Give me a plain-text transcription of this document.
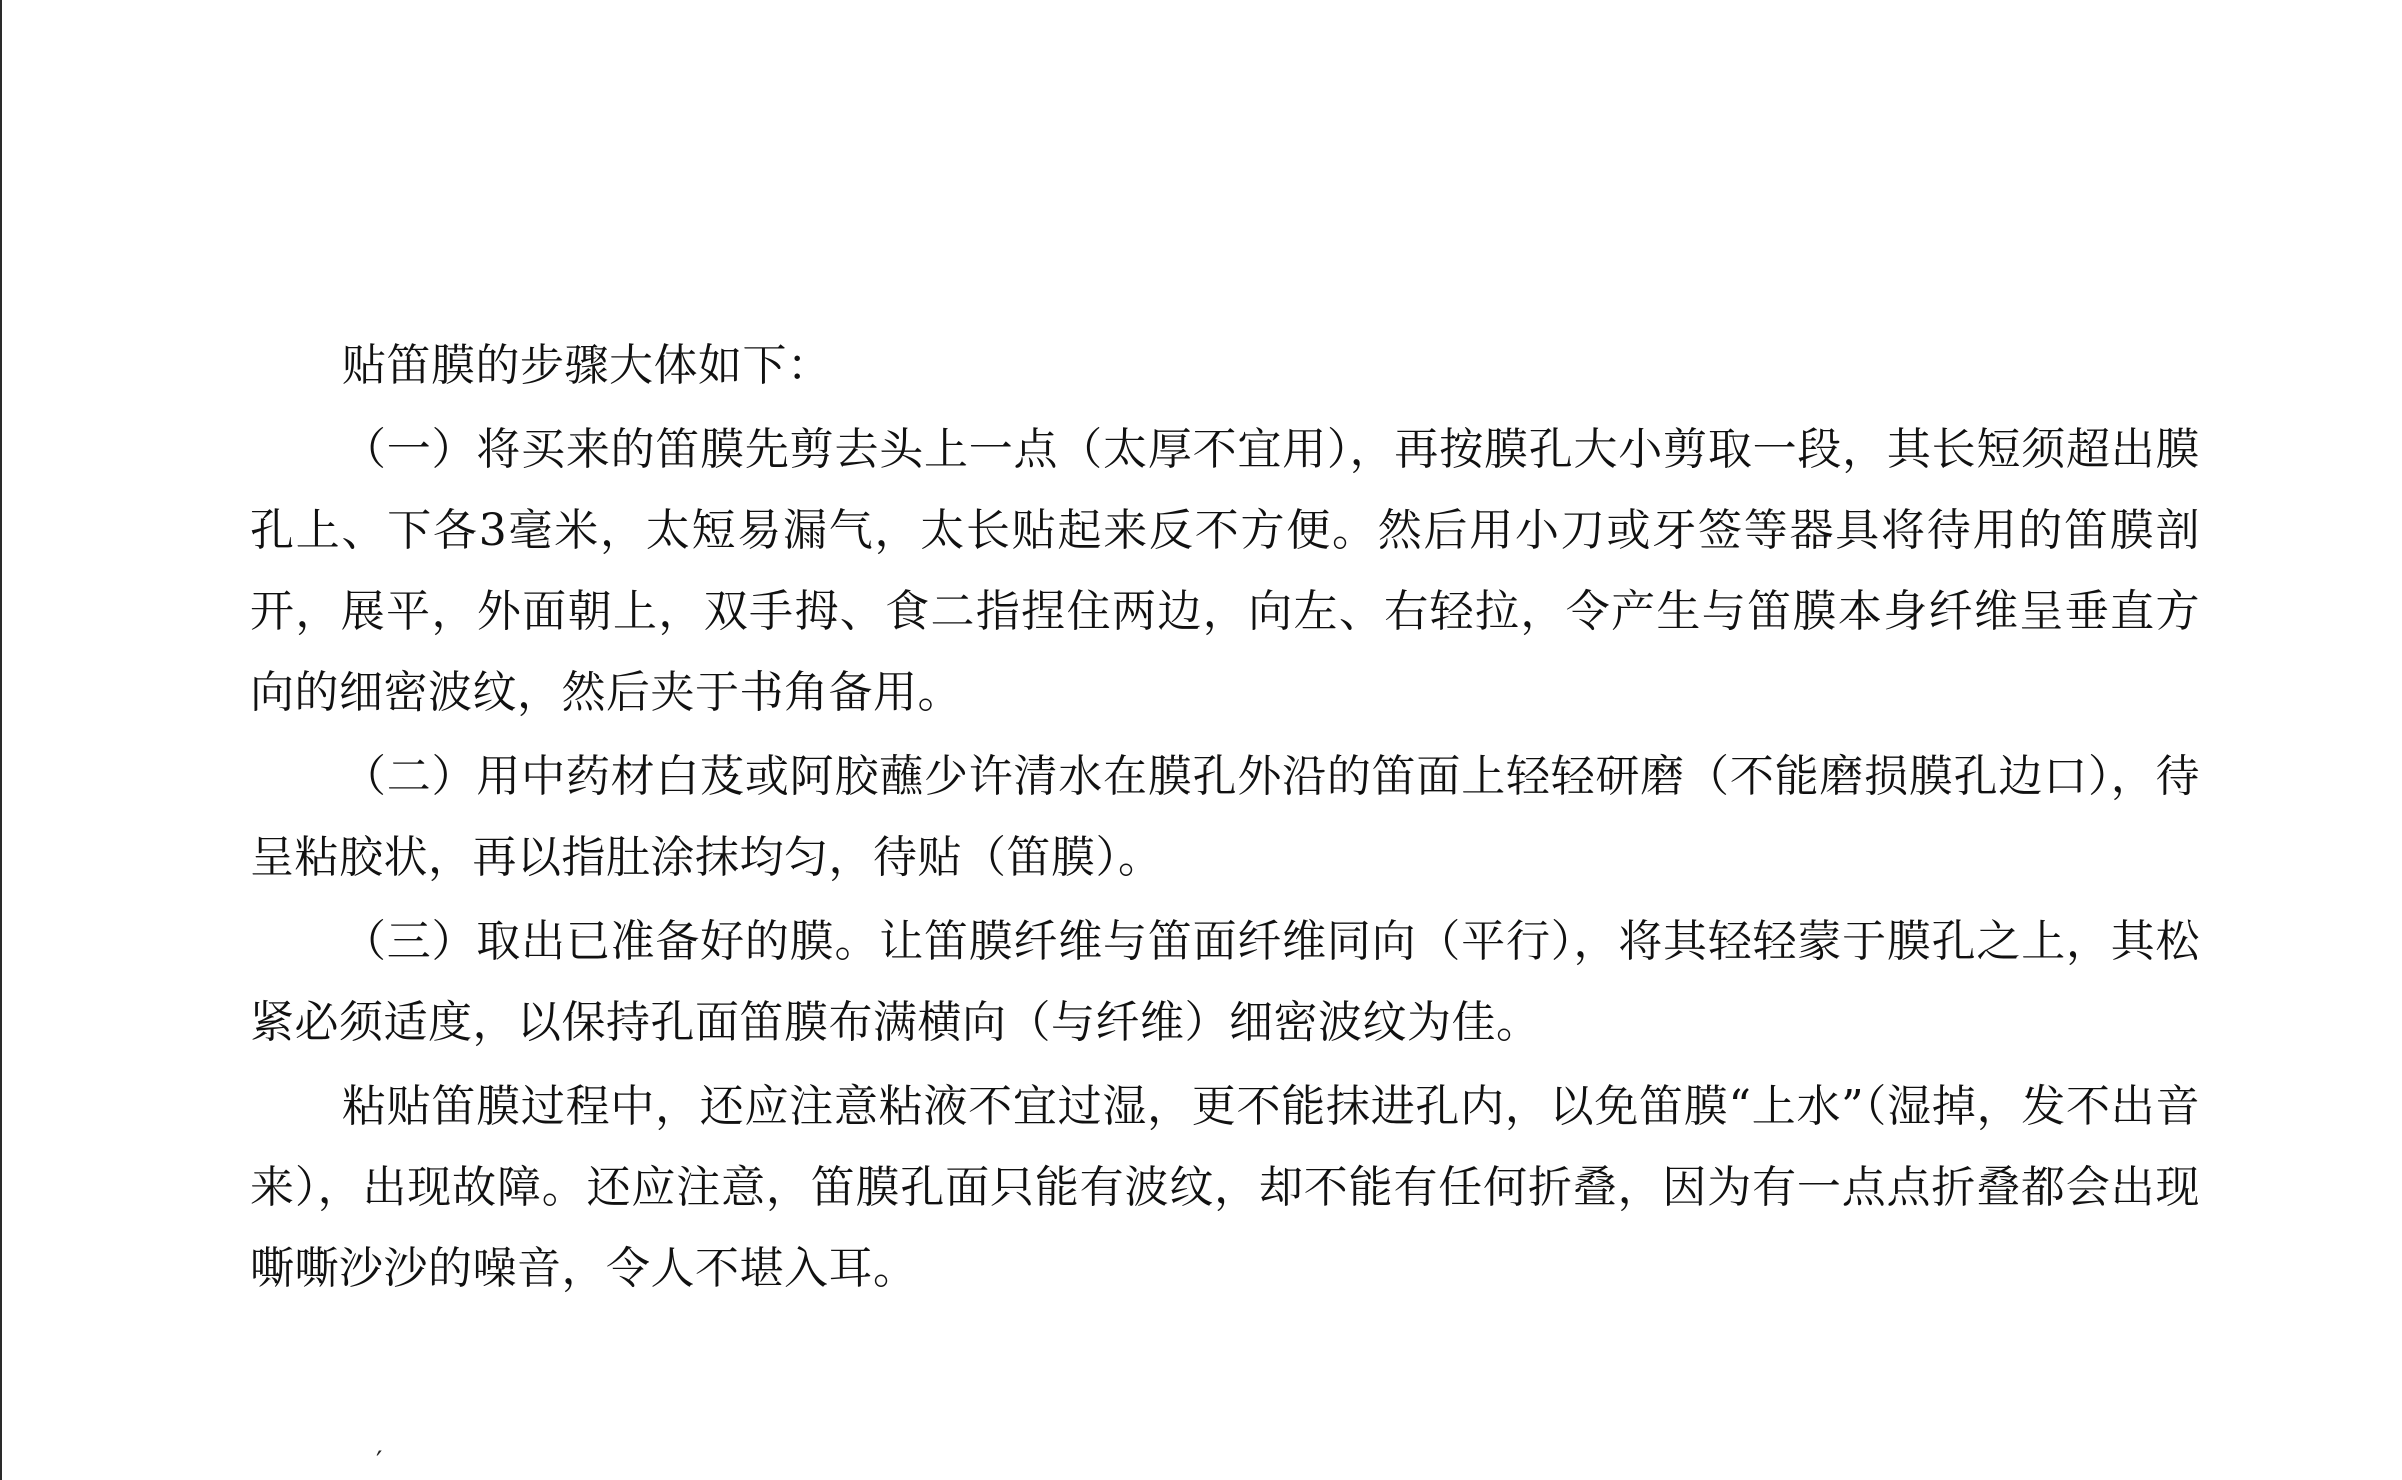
贴笛膜的步骤大体如下：

（一）将买来的笛膜先剪去头上一点（太厚不宜用），再按膜孔大小剪取一段，其长短须超出膜孔上、下各3毫米，太短易漏气，太长贴起来反不方便。然后用小刀或牙签等器具将待用的笛膜剖开，展平，外面朝上，双手拇、食二指捏住两边，向左、右轻拉，令产生与笛膜本身纤维呈垂直方向的细密波纹，然后夹于书角备用。

（二）用中药材白芨或阿胶蘸少许清水在膜孔外沿的笛面上轻轻研磨（不能磨损膜孔边口），待呈粘胶状，再以指肚涂抹均匀，待贴（笛膜）。

（三）取出已准备好的膜。让笛膜纤维与笛面纤维同向（平行），将其轻轻蒙于膜孔之上，其松紧必须适度，以保持孔面笛膜布满横向（与纤维）细密波纹为佳。

粘贴笛膜过程中，还应注意粘液不宜过湿，更不能抹进孔内，以免笛膜“上水”（湿掉，发不出音来），出现故障。还应注意，笛膜孔面只能有波纹，却不能有任何折叠，因为有一点点折叠都会出现嘶嘶沙沙的噪音，令人不堪入耳。

′
